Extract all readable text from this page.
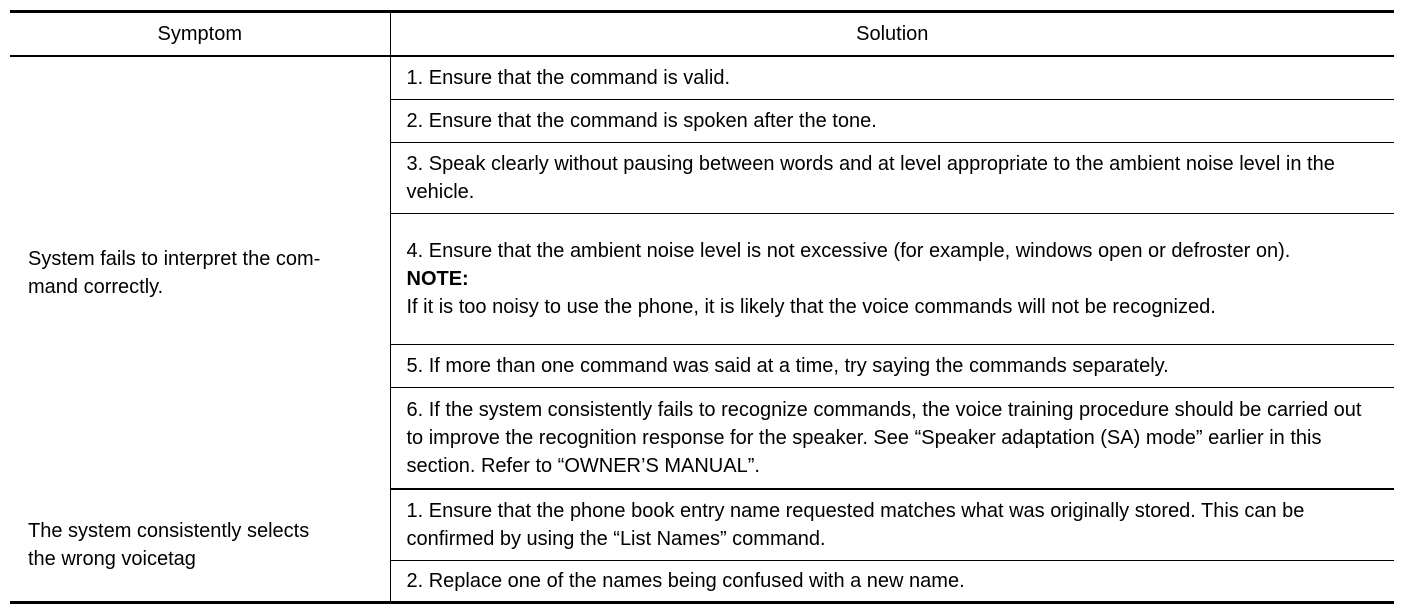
Symptom	Solution

System fails to interpret the com-
mand correctly.	1. Ensure that the command is valid.
	2. Ensure that the command is spoken after the tone.
	3. Speak clearly without pausing between words and at level appropriate to the ambient noise level in the vehicle.

	4. Ensure that the ambient noise level is not excessive (for example, windows open or defroster on).
NOTE:
If it is too noisy to use the phone, it is likely that the voice commands will not be recognized.

	5. If more than one command was said at a time, try saying the commands separately.
	6. If the system consistently fails to recognize commands, the voice training procedure should be carried out to improve the recognition response for the speaker. See “Speaker adaptation (SA) mode” earlier in this section. Refer to “OWNER’S MANUAL”.

The system consistently selects
the wrong voicetag	1. Ensure that the phone book entry name requested matches what was originally stored. This can be confirmed by using the “List Names” command.
	2. Replace one of the names being confused with a new name.
